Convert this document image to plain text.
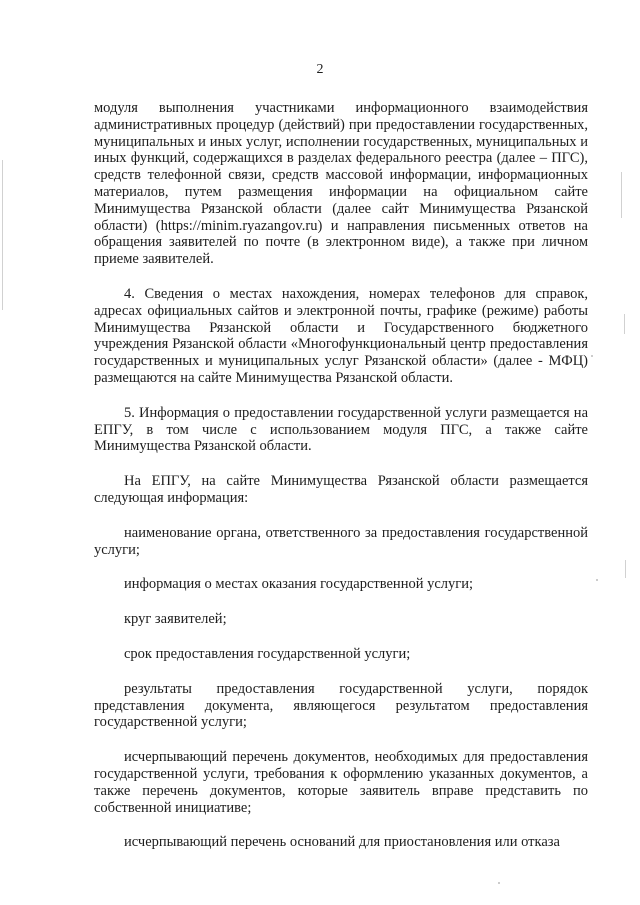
2

модуля выполнения участниками информационного взаимодействия административных процедур (действий) при предоставлении государственных, муниципальных и иных услуг, исполнении государственных, муниципальных и иных функций, содержащихся в разделах федерального реестра (далее – ПГС), средств телефонной связи, средств массовой информации, информационных материалов, путем размещения информации на официальном сайте Минимущества Рязанской области (далее сайт Минимущества Рязанской области) (https://minim.ryazangov.ru) и направления письменных ответов на обращения заявителей по почте (в электронном виде), а также при личном приеме заявителей.

4. Сведения о местах нахождения, номерах телефонов для справок, адресах официальных сайтов и электронной почты, графике (режиме) работы Минимущества Рязанской области и Государственного бюджетного учреждения Рязанской области «Многофункциональный центр предоставления государственных и муниципальных услуг Рязанской области» (далее - МФЦ) размещаются на сайте Минимущества Рязанской области.

5. Информация о предоставлении государственной услуги размещается на ЕПГУ, в том числе с использованием модуля ПГС, а также сайте Минимущества Рязанской области.

На ЕПГУ, на сайте Минимущества Рязанской области размещается следующая информация:

наименование органа, ответственного за предоставления государственной услуги;

информация о местах оказания государственной услуги;

круг заявителей;

срок предоставления государственной услуги;

результаты предоставления государственной услуги, порядок представления документа, являющегося результатом предоставления государственной услуги;

исчерпывающий перечень документов, необходимых для предоставления государственной услуги, требования к оформлению указанных документов, а также перечень документов, которые заявитель вправе представить по собственной инициативе;

исчерпывающий перечень оснований для приостановления или отказа
